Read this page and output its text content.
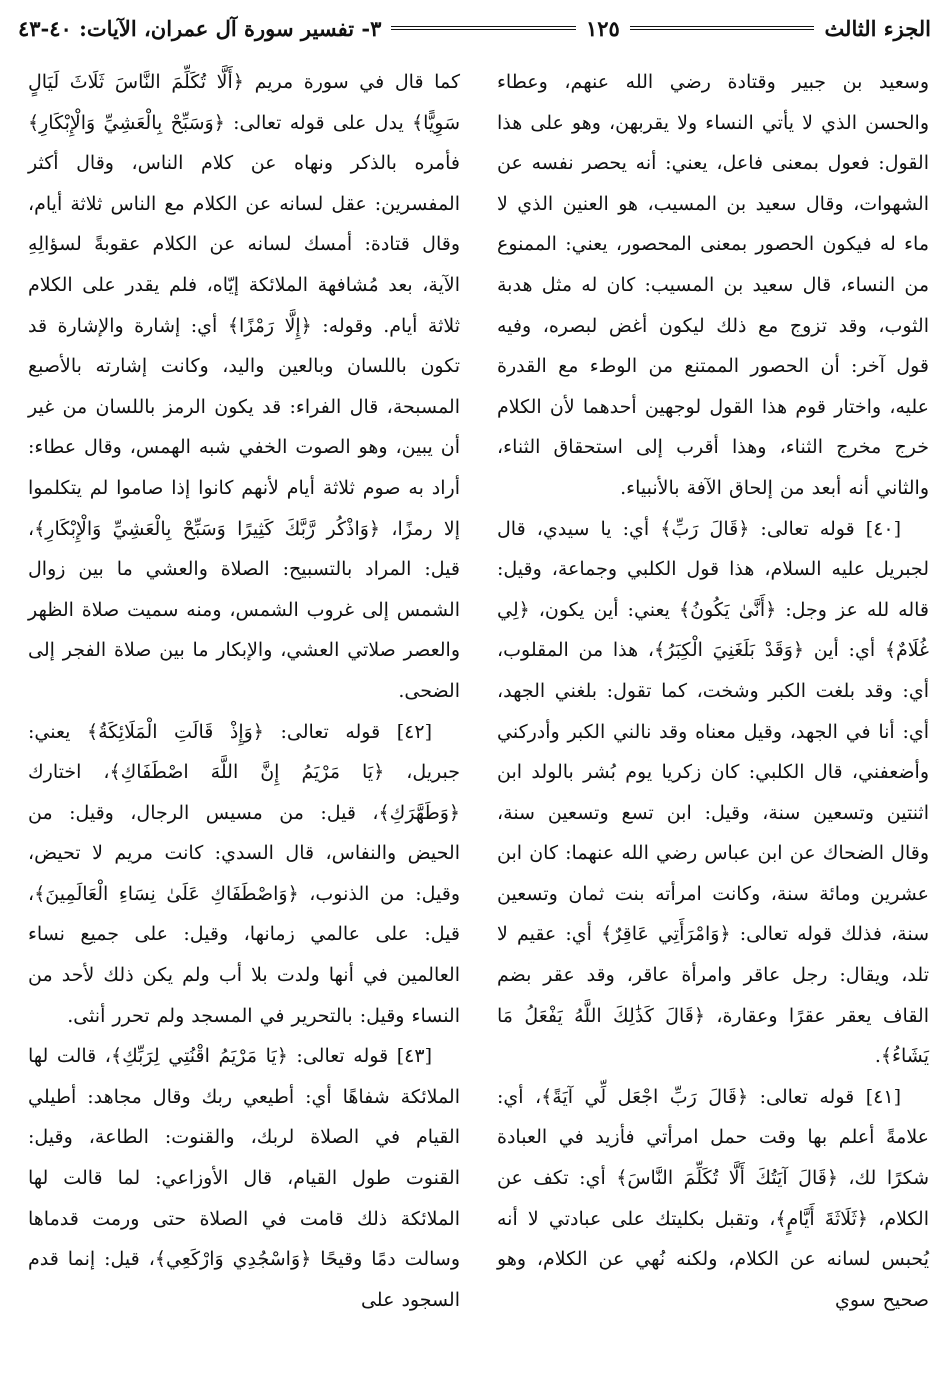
الجزء الثالث
١٢٥
٣- تفسير سورة آل عمران، الآيات: ٤٠-٤٣

وسعيد بن جبير وقتادة رضي الله عنهم، وعطاء والحسن الذي لا يأتي النساء ولا يقربهن، وهو على هذا القول: فعول بمعنى فاعل، يعني: أنه يحصر نفسه عن الشهوات، وقال سعيد بن المسيب، هو العنين الذي لا ماء له فيكون الحصور بمعنى المحصور، يعني: الممنوع من النساء، قال سعيد بن المسيب: كان له مثل هدبة الثوب، وقد تزوج مع ذلك ليكون أغض لبصره، وفيه قول آخر: أن الحصور الممتنع من الوطء مع القدرة عليه، واختار قوم هذا القول لوجهين أحدهما لأن الكلام خرج مخرج الثناء، وهذا أقرب إلى استحقاق الثناء، والثاني أنه أبعد من إلحاق الآفة بالأنبياء.

[٤٠] قوله تعالى: ﴿قَالَ رَبِّ﴾ أي: يا سيدي، قال لجبريل عليه السلام، هذا قول الكلبي وجماعة، وقيل: قاله لله عز وجل: ﴿أَنَّىٰ يَكُونُ﴾ يعني: أين يكون، ﴿لِي غُلَامٌ﴾ أي: أين ﴿وَقَدْ بَلَغَنِيَ الْكِبَرُ﴾، هذا من المقلوب، أي: وقد بلغت الكبر وشخت، كما تقول: بلغني الجهد، أي: أنا في الجهد، وقيل معناه وقد نالني الكبر وأدركني وأضعفني، قال الكلبي: كان زكريا يوم بُشر بالولد ابن اثنتين وتسعين سنة، وقيل: ابن تسع وتسعين سنة، وقال الضحاك عن ابن عباس رضي الله عنهما: كان ابن عشرين ومائة سنة، وكانت امرأته بنت ثمان وتسعين سنة، فذلك قوله تعالى: ﴿وَامْرَأَتِي عَاقِرٌ﴾ أي: عقيم لا تلد، ويقال: رجل عاقر وامرأة عاقر، وقد عقر بضم القاف يعقر عقرًا وعقارة، ﴿قَالَ كَذَٰلِكَ اللَّهُ يَفْعَلُ مَا يَشَاءُ﴾.

[٤١] قوله تعالى: ﴿قَالَ رَبِّ اجْعَل لِّي آيَةً﴾، أي: علامةً أعلم بها وقت حمل امرأتي فأزيد في العبادة شكرًا لك، ﴿قَالَ آيَتُكَ أَلَّا تُكَلِّمَ النَّاسَ﴾ أي: تكف عن الكلام، ﴿ثَلَاثَةَ أَيَّامٍ﴾، وتقبل بكليتك على عبادتي لا أنه يُحبس لسانه عن الكلام، ولكنه نُهي عن الكلام، وهو صحيح سوي

كما قال في سورة مريم ﴿أَلَّا تُكَلِّمَ النَّاسَ ثَلَاثَ لَيَالٍ سَوِيًّا﴾ يدل على قوله تعالى: ﴿وَسَبِّحْ بِالْعَشِيِّ وَالْإِبْكَارِ﴾ فأمره بالذكر ونهاه عن كلام الناس، وقال أكثر المفسرين: عقل لسانه عن الكلام مع الناس ثلاثة أيام، وقال قتادة: أمسك لسانه عن الكلام عقوبةً لسؤالِهِ الآية، بعد مُشافهة الملائكة إيّاه، فلم يقدر على الكلام ثلاثة أيام. وقوله: ﴿إِلَّا رَمْزًا﴾ أي: إشارة والإشارة قد تكون باللسان وبالعين واليد، وكانت إشارته بالأصبع المسبحة، قال الفراء: قد يكون الرمز باللسان من غير أن يبين، وهو الصوت الخفي شبه الهمس، وقال عطاء: أراد به صوم ثلاثة أيام لأنهم كانوا إذا صاموا لم يتكلموا إلا رمزًا، ﴿وَاذْكُر رَّبَّكَ كَثِيرًا وَسَبِّحْ بِالْعَشِيِّ وَالْإِبْكَارِ﴾، قيل: المراد بالتسبيح: الصلاة والعشي ما بين زوال الشمس إلى غروب الشمس، ومنه سميت صلاة الظهر والعصر صلاتي العشي، والإبكار ما بين صلاة الفجر إلى الضحى.

[٤٢] قوله تعالى: ﴿وَإِذْ قَالَتِ الْمَلَائِكَةُ﴾ يعني: جبريل، ﴿يَا مَرْيَمُ إِنَّ اللَّهَ اصْطَفَاكِ﴾، اختارك ﴿وَطَهَّرَكِ﴾، قيل: من مسيس الرجال، وقيل: من الحيض والنفاس، قال السدي: كانت مريم لا تحيض، وقيل: من الذنوب، ﴿وَاصْطَفَاكِ عَلَىٰ نِسَاءِ الْعَالَمِينَ﴾، قيل: على عالمي زمانها، وقيل: على جميع نساء العالمين في أنها ولدت بلا أب ولم يكن ذلك لأحد من النساء وقيل: بالتحرير في المسجد ولم تحرر أنثى.

[٤٣] قوله تعالى: ﴿يَا مَرْيَمُ اقْنُتِي لِرَبِّكِ﴾، قالت لها الملائكة شفاهًا أي: أطيعي ربك وقال مجاهد: أطيلي القيام في الصلاة لربك، والقنوت: الطاعة، وقيل: القنوت طول القيام، قال الأوزاعي: لما قالت لها الملائكة ذلك قامت في الصلاة حتى ورمت قدماها وسالت دمًا وقيحًا ﴿وَاسْجُدِي وَارْكَعِي﴾، قيل: إنما قدم السجود على
